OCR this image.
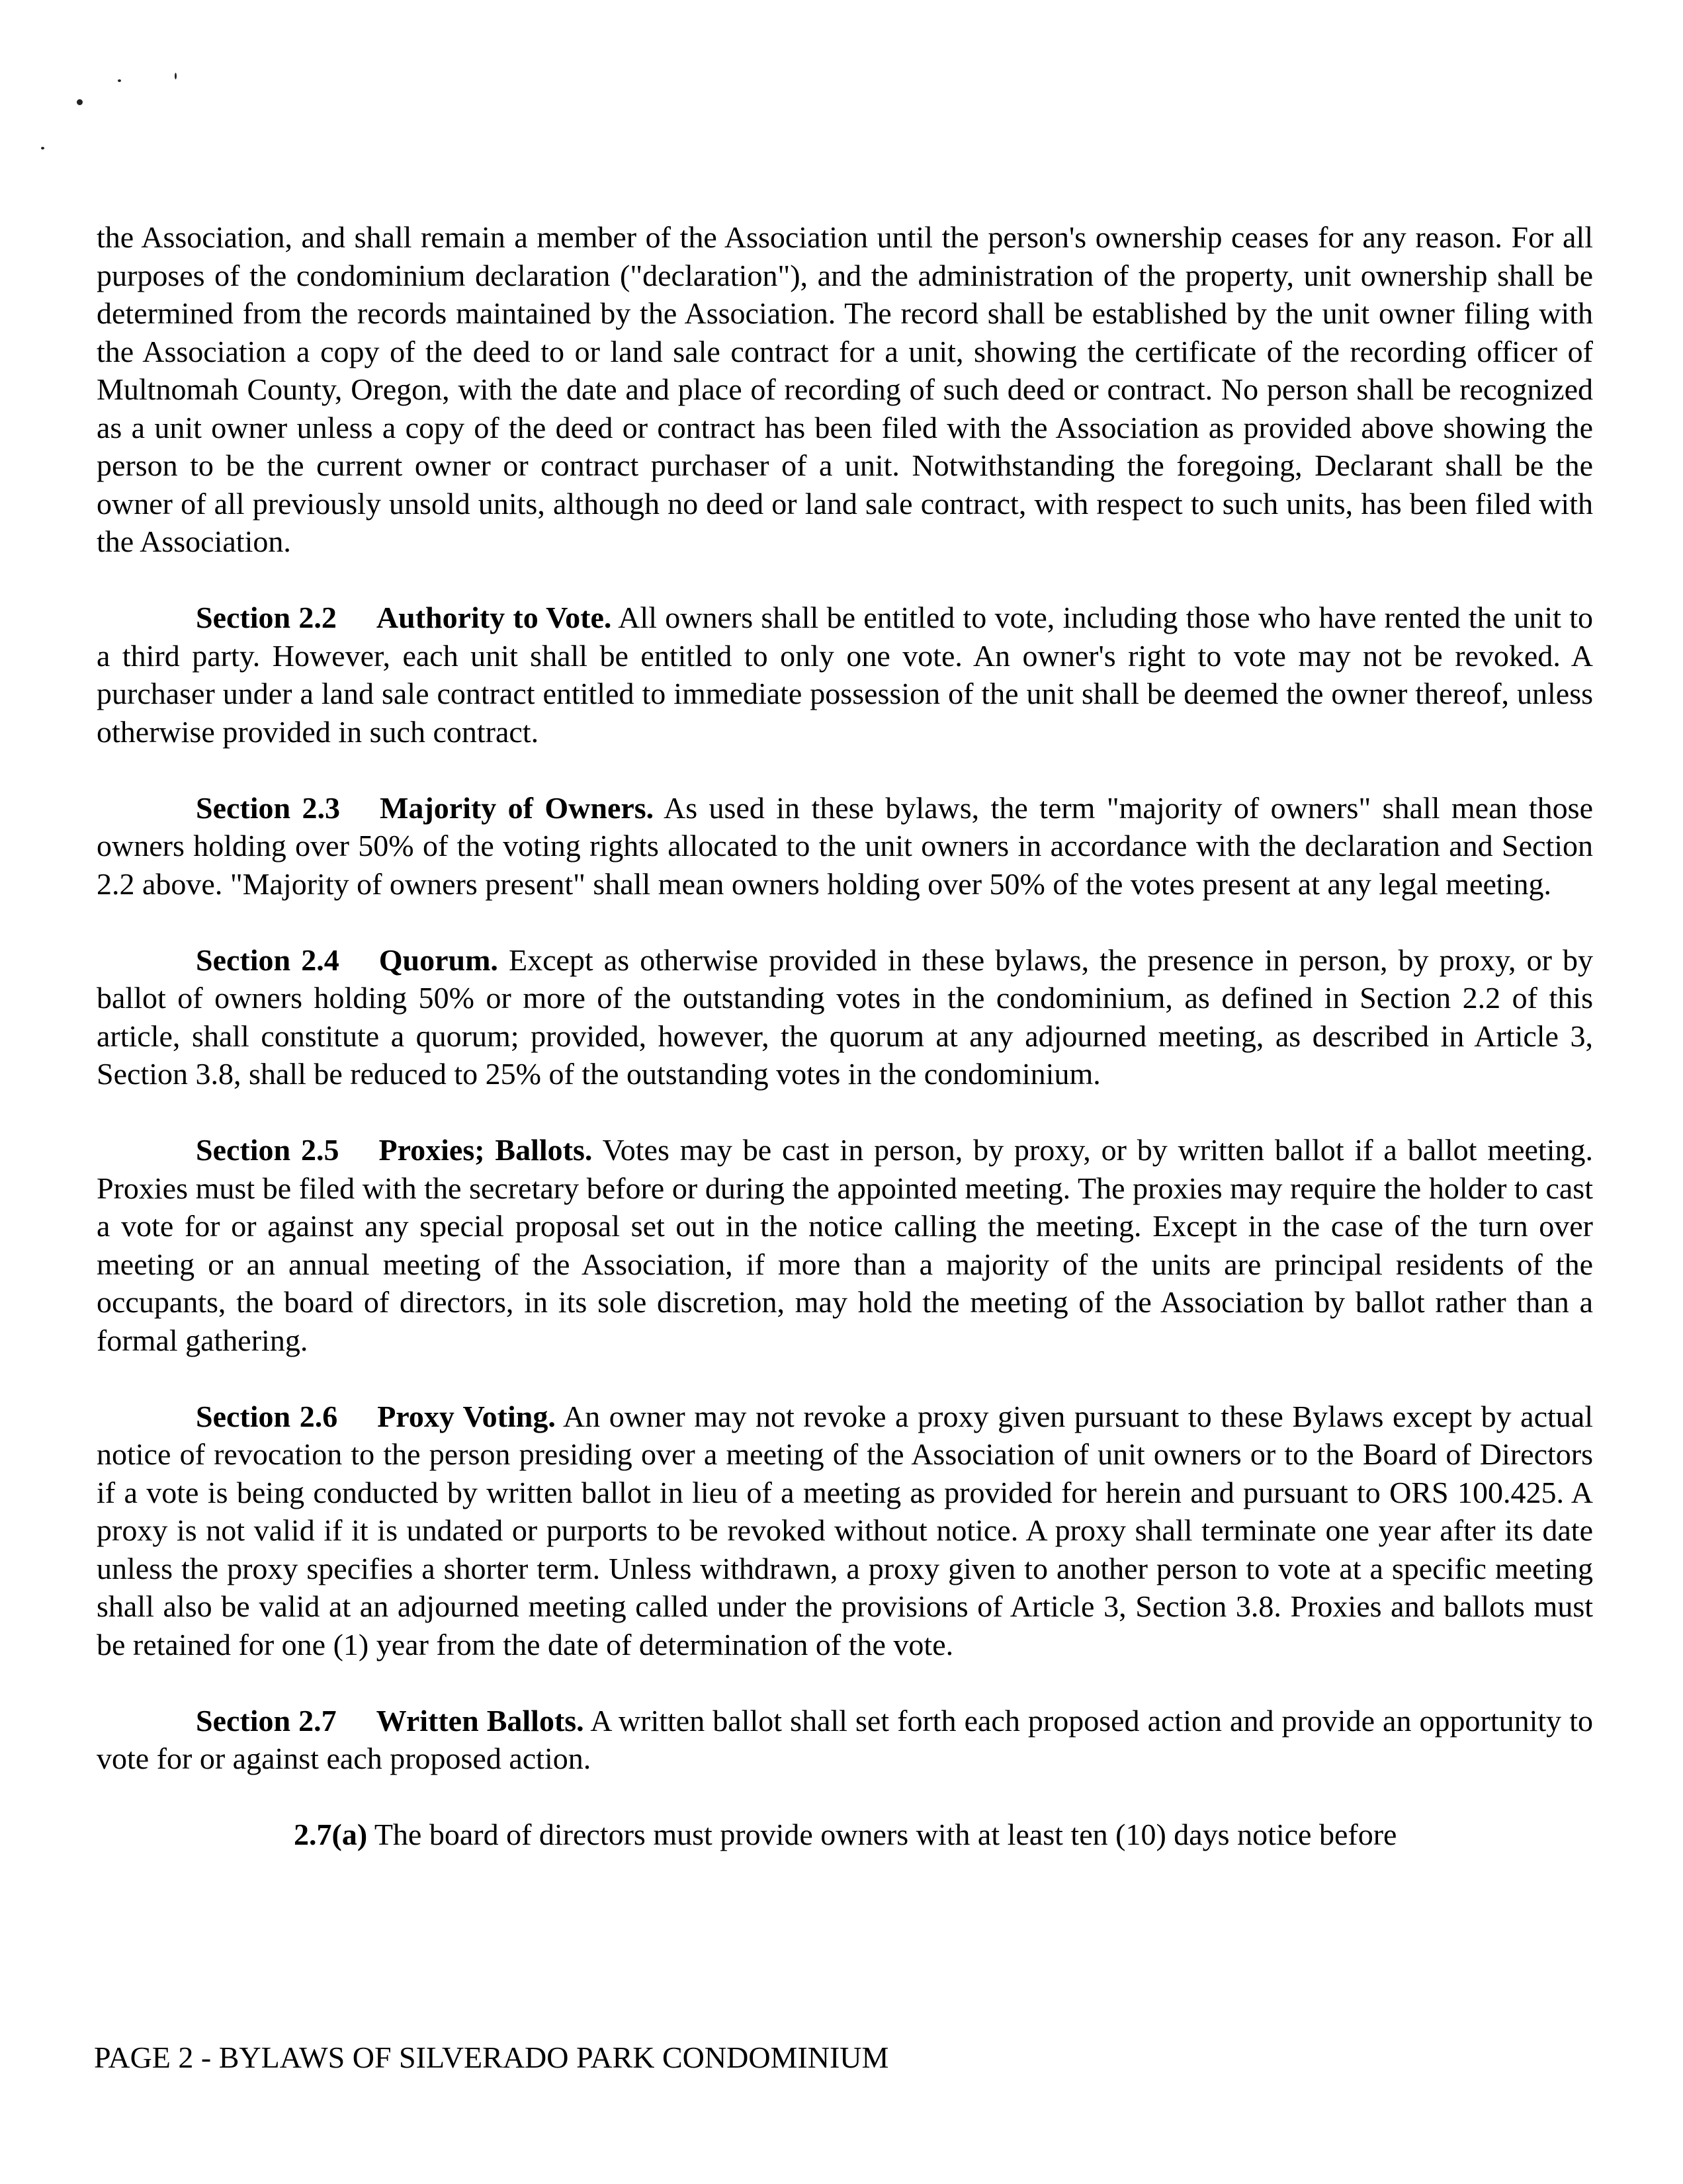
the Association, and shall remain a member of the Association until the person's ownership ceases for any reason. For all purposes of the condominium declaration ("declaration"), and the administration of the property, unit ownership shall be determined from the records maintained by the Association. The record shall be established by the unit owner filing with the Association a copy of the deed to or land sale contract for a unit, showing the certificate of the recording officer of Multnomah County, Oregon, with the date and place of recording of such deed or contract. No person shall be recognized as a unit owner unless a copy of the deed or contract has been filed with the Association as provided above showing the person to be the current owner or contract purchaser of a unit. Notwithstanding the foregoing, Declarant shall be the owner of all previously unsold units, although no deed or land sale contract, with respect to such units, has been filed with the Association.

Section 2.2 Authority to Vote. All owners shall be entitled to vote, including those who have rented the unit to a third party. However, each unit shall be entitled to only one vote. An owner's right to vote may not be revoked. A purchaser under a land sale contract entitled to immediate possession of the unit shall be deemed the owner thereof, unless otherwise provided in such contract.

Section 2.3 Majority of Owners. As used in these bylaws, the term "majority of owners" shall mean those owners holding over 50% of the voting rights allocated to the unit owners in accordance with the declaration and Section 2.2 above. "Majority of owners present" shall mean owners holding over 50% of the votes present at any legal meeting.

Section 2.4 Quorum. Except as otherwise provided in these bylaws, the presence in person, by proxy, or by ballot of owners holding 50% or more of the outstanding votes in the condominium, as defined in Section 2.2 of this article, shall constitute a quorum; provided, however, the quorum at any adjourned meeting, as described in Article 3, Section 3.8, shall be reduced to 25% of the outstanding votes in the condominium.

Section 2.5 Proxies; Ballots. Votes may be cast in person, by proxy, or by written ballot if a ballot meeting. Proxies must be filed with the secretary before or during the appointed meeting. The proxies may require the holder to cast a vote for or against any special proposal set out in the notice calling the meeting. Except in the case of the turn over meeting or an annual meeting of the Association, if more than a majority of the units are principal residents of the occupants, the board of directors, in its sole discretion, may hold the meeting of the Association by ballot rather than a formal gathering.

Section 2.6 Proxy Voting. An owner may not revoke a proxy given pursuant to these Bylaws except by actual notice of revocation to the person presiding over a meeting of the Association of unit owners or to the Board of Directors if a vote is being conducted by written ballot in lieu of a meeting as provided for herein and pursuant to ORS 100.425. A proxy is not valid if it is undated or purports to be revoked without notice. A proxy shall terminate one year after its date unless the proxy specifies a shorter term. Unless withdrawn, a proxy given to another person to vote at a specific meeting shall also be valid at an adjourned meeting called under the provisions of Article 3, Section 3.8. Proxies and ballots must be retained for one (1) year from the date of determination of the vote.

Section 2.7 Written Ballots. A written ballot shall set forth each proposed action and provide an opportunity to vote for or against each proposed action.

2.7(a) The board of directors must provide owners with at least ten (10) days notice before

PAGE 2 - BYLAWS OF SILVERADO PARK CONDOMINIUM
